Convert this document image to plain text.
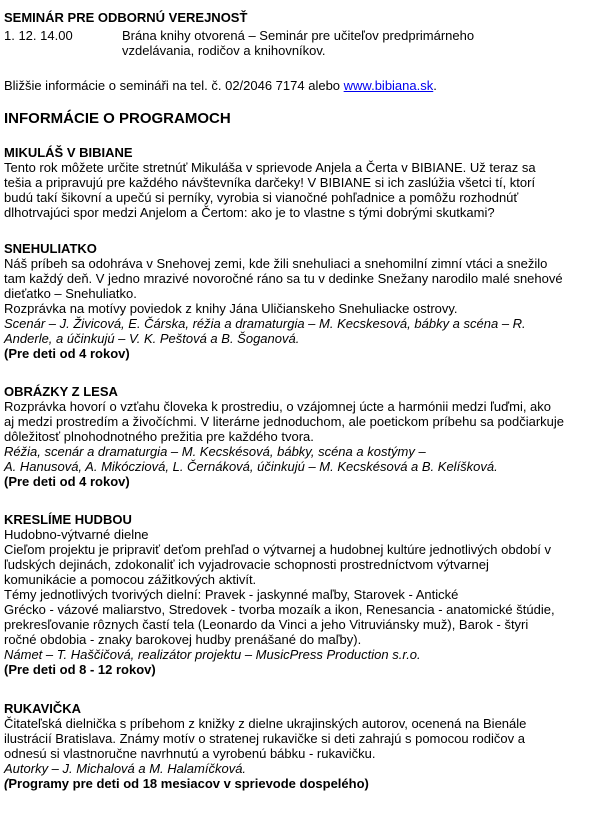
SEMINÁR PRE ODBORNÚ VEREJNOSŤ
1. 12. 14.00	Brána knihy otvorená – Seminár pre učiteľov predprimárneho
vzdelávania, rodičov a knihovníkov.
Bližšie informácie o semináři na tel. č. 02/2046 7174 alebo www.bibiana.sk.
INFORMÁCIE O PROGRAMOCH
MIKULÁŠ V BIBIANE
Tento rok môžete určite stretnúť Mikuláša v sprievode Anjela a Čerta v BIBIANE. Už teraz sa
tešia a pripravujú pre každého návštevníka darčeky! V BIBIANE si ich zaslúžia všetci tí, ktorí
budú takí šikovní a upečú si perníky, vyrobia si vianočné pohľadnice a pomôžu rozhodnúť
dlhotrvajúci spor medzi Anjelom a Čertom: ako je to vlastne s tými dobrými skutkami?
SNEHULIATKO
Náš príbeh sa odohráva v Snehovej zemi, kde žili snehuliaci a snehomilní zimní vtáci a snežilo
tam každý deň. V jedno mrazivé novoročné ráno sa tu v dedinke Snežany narodilo malé snehové
dieťatko – Snehuliatko.
Rozprávka na motívy poviedok z knihy Jána Uličianskeho Snehuliacke ostrovy.
Scenár – J. Živicová, E. Čárska, réžia a dramaturgia – M. Kecskesová, bábky a scéna – R.
Anderle, a účinkujú – V. K. Peštová a B. Šoganová.
(Pre deti od 4 rokov)
OBRÁZKY Z LESA
Rozprávka hovorí o vzťahu človeka k prostrediu, o vzájomnej úcte a harmónii medzi ľuďmi, ako
aj medzi prostredím a živočíchmi. V literárne jednoduchom, ale poetickom príbehu sa podčiarkuje
dôležitosť plnohodnotného prežitia pre každého tvora.
Réžia, scenár a dramaturgia – M. Kecskésová, bábky, scéna a kostýmy –
A. Hanusová, A. Mikócziová, L. Černáková, účinkujú – M. Kecskésová a B. Kelíšková.
(Pre deti od 4 rokov)
KRESLÍME HUDBOU
Hudobno-výtvarné dielne
Cieľom projektu je pripraviť deťom prehľad o výtvarnej a hudobnej kultúre jednotlivých období v
ľudských dejinách, zdokonaliť ich vyjadrovacie schopnosti prostredníctvom výtvarnej
komunikácie a pomocou zážitkových aktivít.
Témy jednotlivých tvorivých dielní: Pravek - jaskynné maľby, Starovek - Antické
Grécko - vázové maliarstvo, Stredovek - tvorba mozaík a ikon, Renesancia - anatomické štúdie,
prekresľovanie rôznych častí tela (Leonardo da Vinci a jeho Vitruviánsky muž), Barok - štyri
ročné obdobia - znaky barokovej hudby prenášané do maľby).
Námet – T. Haščičová, realizátor projektu – MusicPress Production s.r.o.
(Pre deti od 8 - 12 rokov)
RUKAVIČKA
Čitateľská dielnička s príbehom z knižky z dielne ukrajinských autorov, ocenená na Bienále
ilustrácií Bratislava. Známy motív o stratenej rukavičke si deti zahrajú s pomocou rodičov a
odnesú si vlastnoručne navrhnutú a vyrobenú bábku - rukavičku.
Autorky – J. Michalová a M. Halamíčková.
(Programy pre deti od 18 mesiacov v sprievode dospelého)
